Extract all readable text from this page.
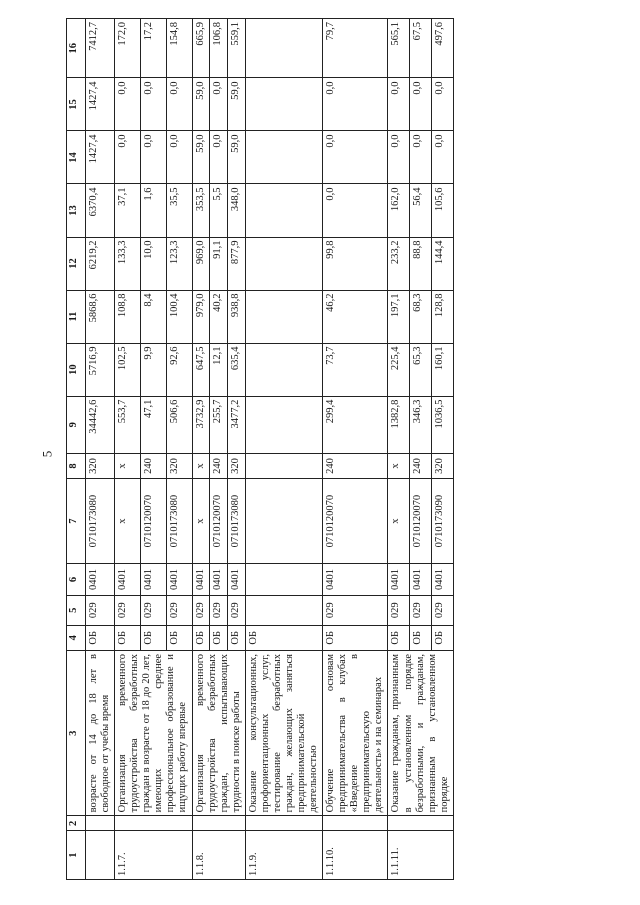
5
1	2	3	4	5	6	7	8	9	10	11	12	13	14	15	16
		возрасте от 14 до 18 лет в свободное от учебы время	ОБ	029	0401	0710173080	320	34442,6	5716,9	5868,6	6219,2	6370,4	1427,4	1427,4	7412,7
1.1.7.		Организация временного трудоустройства безработных граждан в возрасте от 18 до 20 лет, имеющих среднее профессиональное образование и ищущих работу впервые	ОБ	029	0401	х	х	553,7	102,5	108,8	133,3	37,1	0,0	0,0	172,0
			ОБ	029	0401	0710120070	240	47,1	9,9	8,4	10,0	1,6	0,0	0,0	17,2
			ОБ	029	0401	0710173080	320	506,6	92,6	100,4	123,3	35,5	0,0	0,0	154,8
1.1.8.		Организация временного трудоустройства безработных граждан, испытывающих трудности в поиске работы	ОБ	029	0401	х	х	3732,9	647,5	979,0	969,0	353,5	59,0	59,0	665,9
			ОБ	029	0401	0710120070	240	255,7	12,1	40,2	91,1	5,5	0,0	0,0	106,8
			ОБ	029	0401	0710173080	320	3477,2	635,4	938,8	877,9	348,0	59,0	59,0	559,1
1.1.9.		Оказание консультационных, профориентационных услуг, тестирование безработных граждан, желающих заняться предпринимательской деятельностью	ОБ												
1.1.10.		Обучение основам предпринимательства в клубах «Введение в предпринимательскую деятельность» и на семинарах	ОБ	029	0401	0710120070	240	299,4	73,7	46,2	99,8	0,0	0,0	0,0	79,7
1.1.11.		Оказание гражданам, признанным в установленном порядке безработными, и гражданам, признанным в установленном порядке	ОБ	029	0401	х	х	1382,8	225,4	197,1	233,2	162,0	0,0	0,0	565,1
			ОБ	029	0401	0710120070	240	346,3	65,3	68,3	88,8	56,4	0,0	0,0	67,5
			ОБ	029	0401	0710173090	320	1036,5	160,1	128,8	144,4	105,6	0,0	0,0	497,6
